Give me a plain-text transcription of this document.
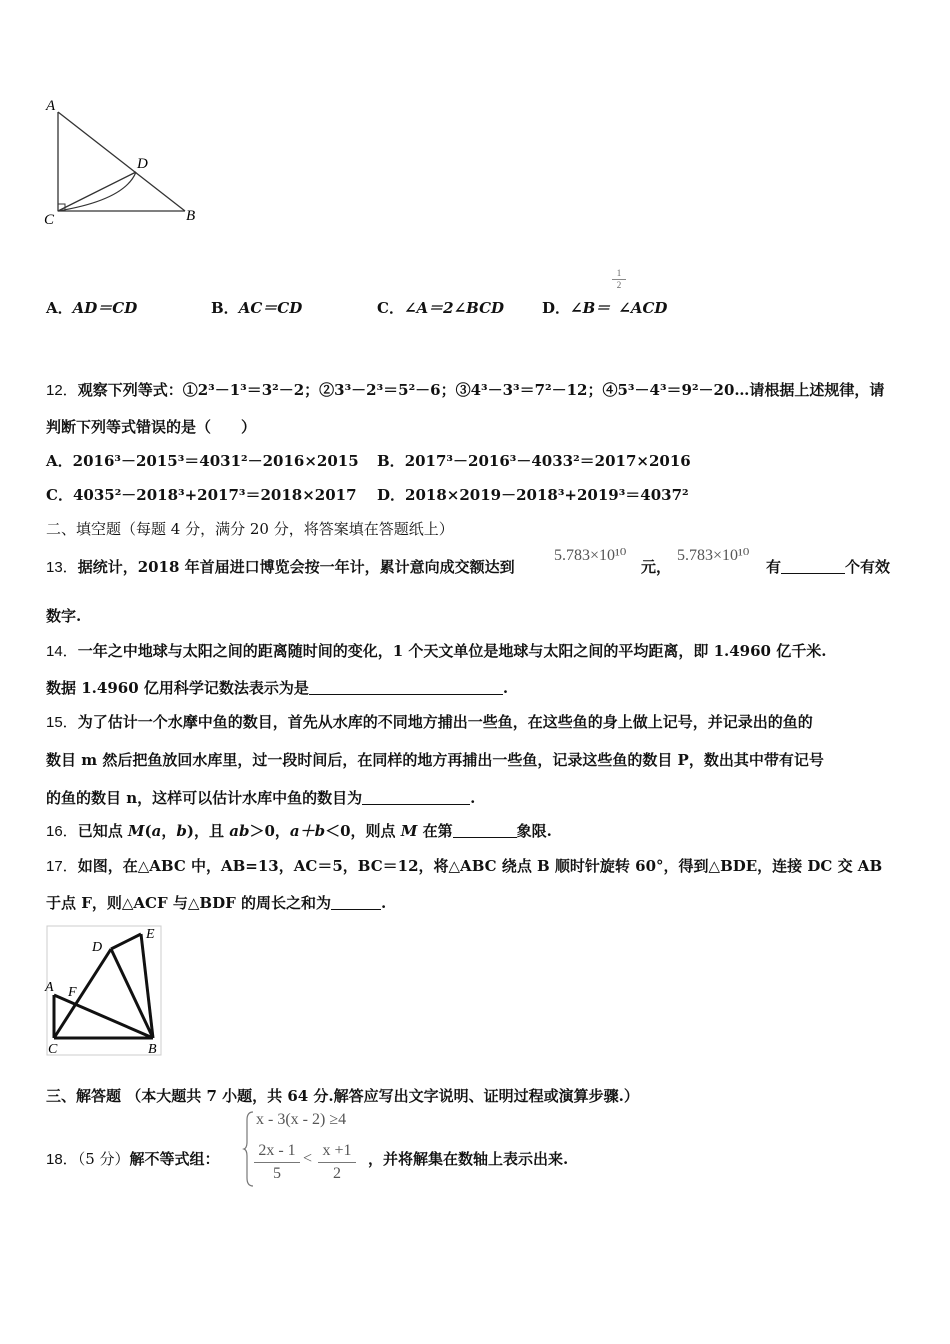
A
D
C	B
A．AD＝CD	B．AC＝CD	C．∠A＝2∠BCD	D．∠B＝ ∠ACD
$\frac{1}{2}$
12．观察下列等式：①2³－1³＝3²－2；②3³－2³＝5²－6；③4³－3³＝7²－12；④5³－4³＝9²－20…请根据上述规律，请
判断下列等式错误的是（　　）
A．2016³－2015³＝4031²－2016×2015 B．2017³－2016³－4033²＝2017×2016
C．4035²－2018³+2017³＝2018×2017 D．2018×2019－2018³+2019³＝4037²
二、填空题（每题 4 分，满分 20 分，将答案填在答题纸上）
13．据统计，2018 年首届进口博览会按一年计，累计意向成交额达到
5.783×10¹⁰
元，
5.783×10¹⁰
有	个有效
数字.
14．一年之中地球与太阳之间的距离随时间的变化，1 个天文单位是地球与太阳之间的平均距离，即 1.4960 亿千米.
数据 1.4960 亿用科学记数法表示为是	.
15．为了估计一个水摩中鱼的数目，首先从水库的不同地方捕出一些鱼，在这些鱼的身上做上记号，并记录出的鱼的
数目 m 然后把鱼放回水库里，过一段时间后，在同样的地方再捕出一些鱼，记录这些鱼的数目 P，数出其中带有记号
的鱼的数目 n，这样可以估计水库中鱼的数目为	.
16．已知点 M(a，b)，且 ab＞0，a＋b＜0，则点 M 在第	象限.
17．如图，在△ABC 中，AB=13，AC＝5，BC＝12，将△ABC 绕点 B 顺时针旋转 60°，得到△BDE，连接 DC 交 AB
于点 F，则△ACF 与△BDF 的周长之和为	.
D
E
A F
C	B
三、解答题 （本大题共 7 小题，共 64 分.解答应写出文字说明、证明过程或演算步骤.）
18．（5 分）解不等式组：
x - 3(x - 2) ≥4
$\frac{2x - 1}{5} < \frac{x +1}{2}$ ，并将解集在数轴上表示出来.
